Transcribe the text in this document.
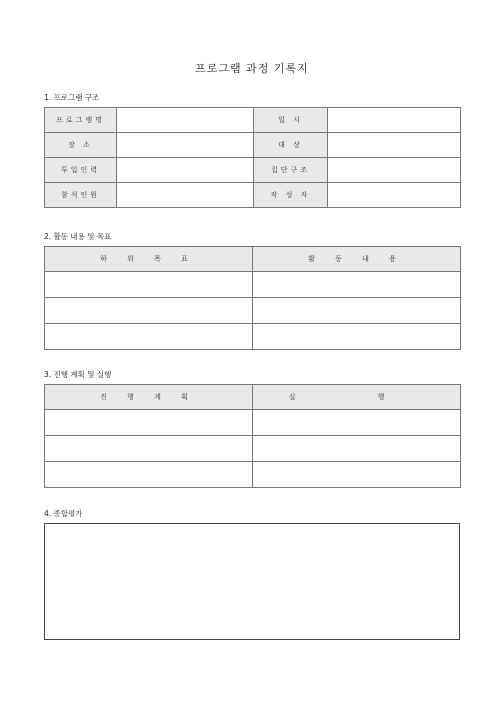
프로그램 과정 기록지
1. 프로그램 구조
프로그램명		일 시	
장 소		대 상	
투입인력		집단구조	
참석인원		작 성 자	
2. 활동 내용 및 목표
하 위 목 표	활 동 내 용

3. 진행 계획 및 실행
진 행 계 획	실 행

4. 종합평가
